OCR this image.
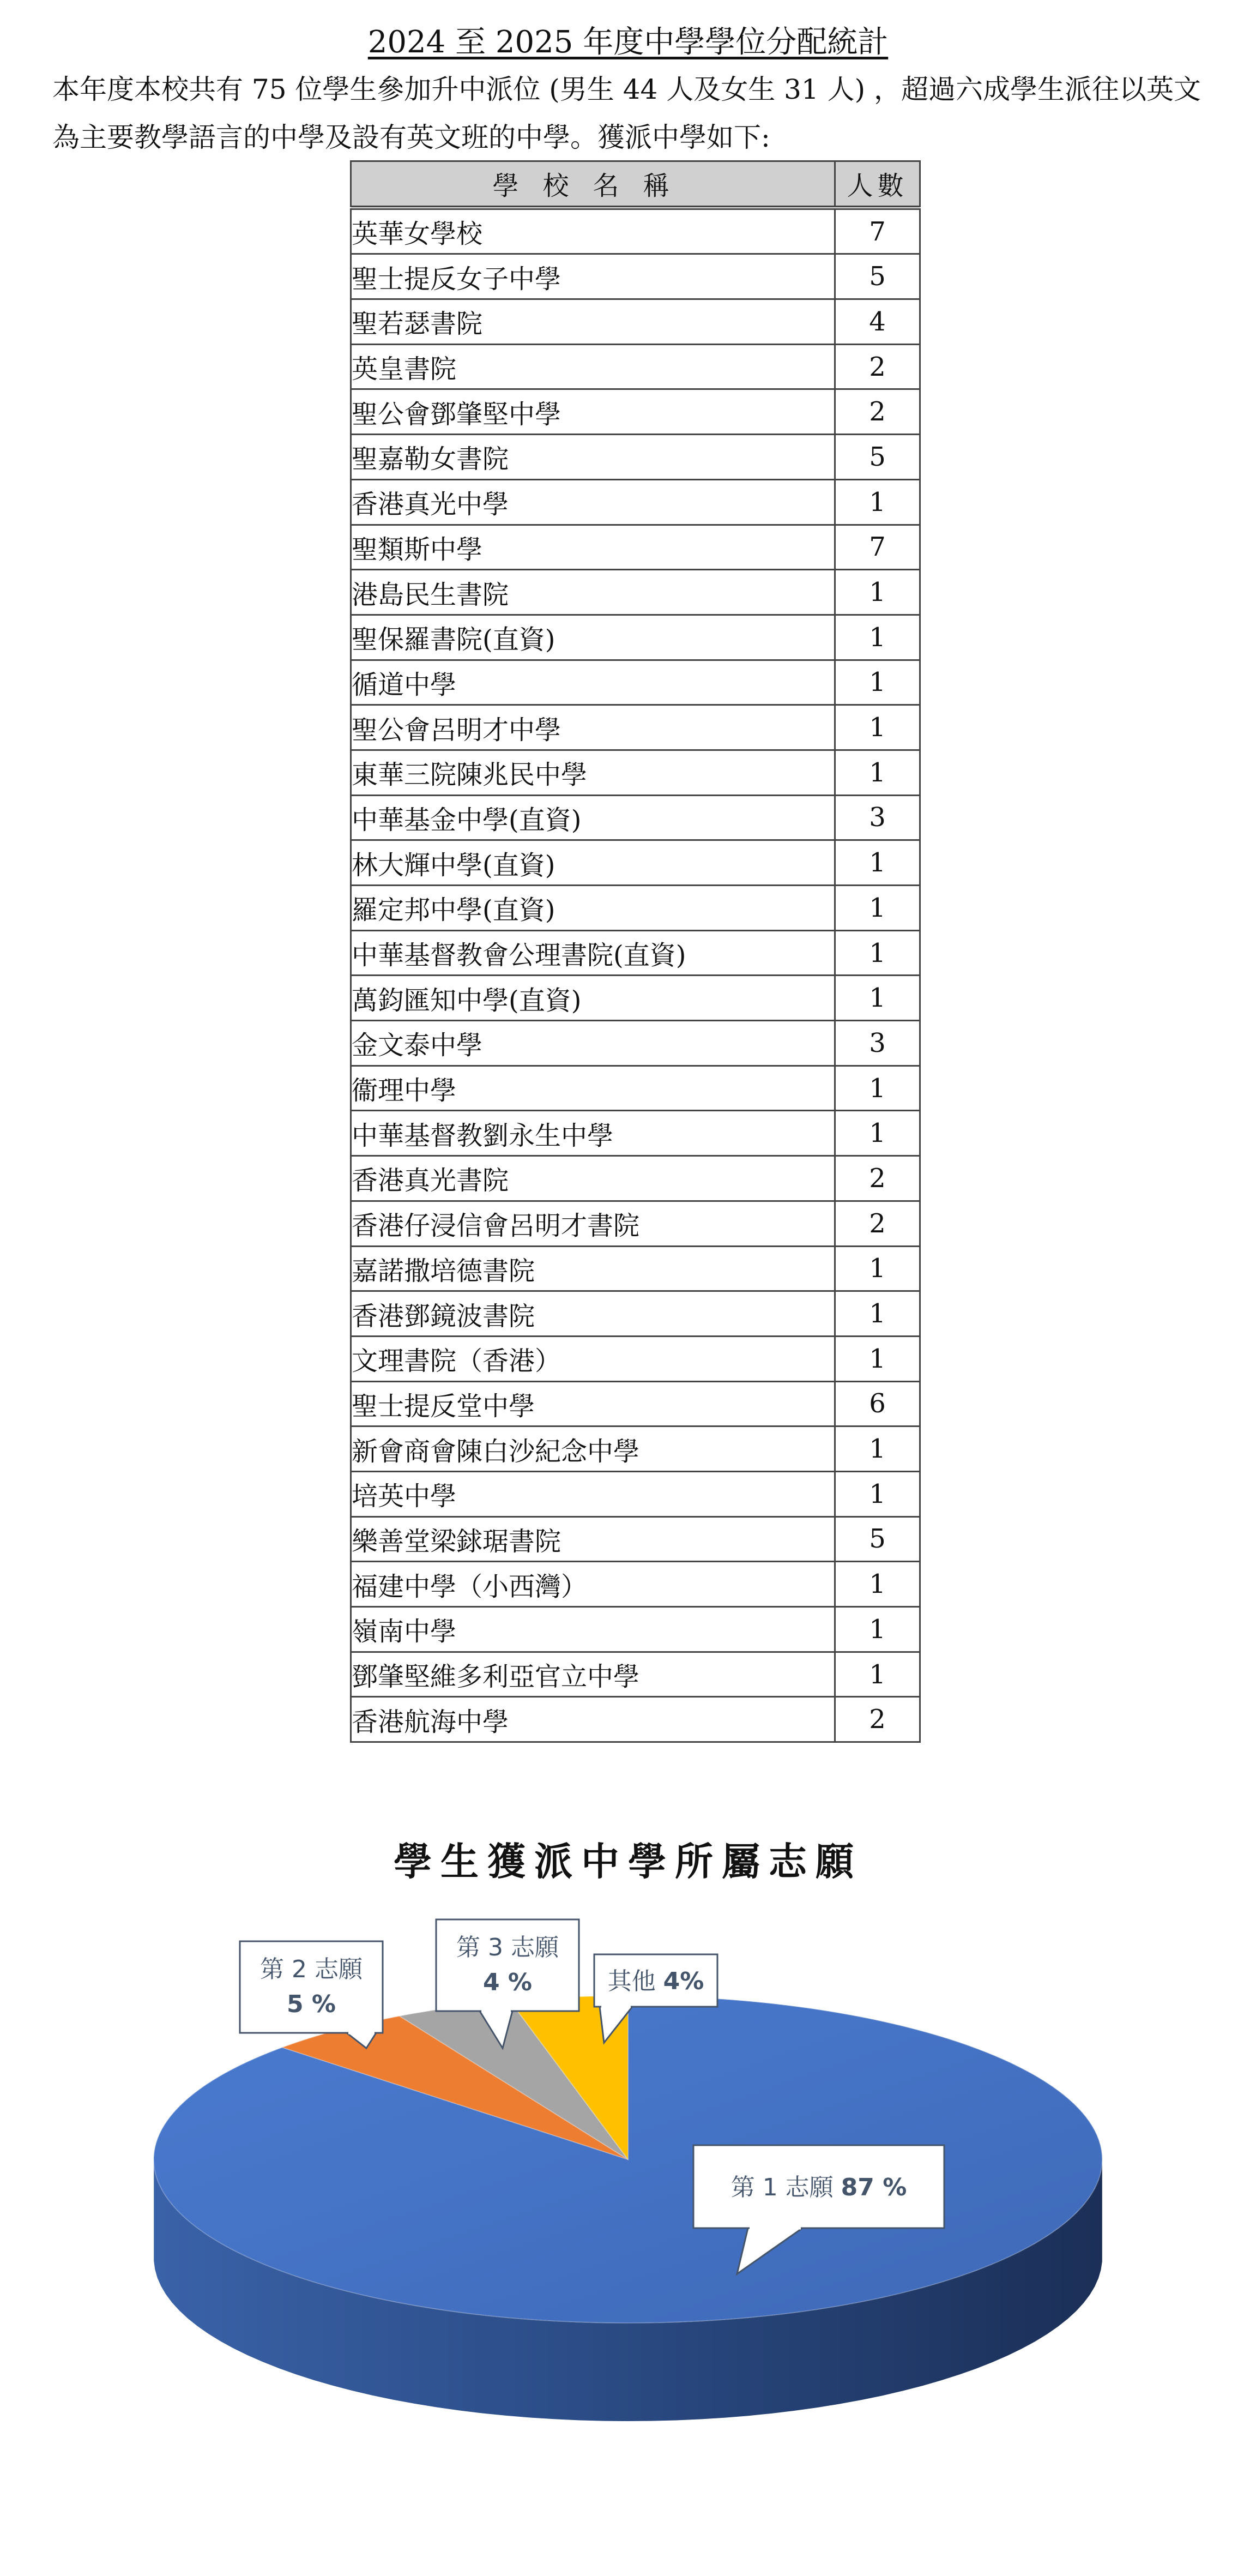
2024 至 2025 年度中學學位分配統計

本年度本校共有 75 位學生參加升中派位 (男生 44 人及女生 31 人) ，超過六成學生派往以英文為主要教學語言的中學及設有英文班的中學。獲派中學如下:

學校名稱	人數
英華女學校	7
聖士提反女子中學	5
聖若瑟書院	4
英皇書院	2
聖公會鄧肇堅中學	2
聖嘉勒女書院	5
香港真光中學	1
聖類斯中學	7
港島民生書院	1
聖保羅書院(直資)	1
循道中學	1
聖公會呂明才中學	1
東華三院陳兆民中學	1
中華基金中學(直資)	3
林大輝中學(直資)	1
羅定邦中學(直資)	1
中華基督教會公理書院(直資)	1
萬鈞匯知中學(直資)	1
金文泰中學	3
衞理中學	1
中華基督教劉永生中學	1
香港真光書院	2
香港仔浸信會呂明才書院	2
嘉諾撒培德書院	1
香港鄧鏡波書院	1
文理書院（香港）	1
聖士提反堂中學	6
新會商會陳白沙紀念中學	1
培英中學	1
樂善堂梁銶琚書院	5
福建中學（小西灣）	1
嶺南中學	1
鄧肇堅維多利亞官立中學	1
香港航海中學	2
學生獲派中學所屬志願
第 1 志願 87 %
第 2 志願
5 %
第 3 志願
4 %	其他 4%
